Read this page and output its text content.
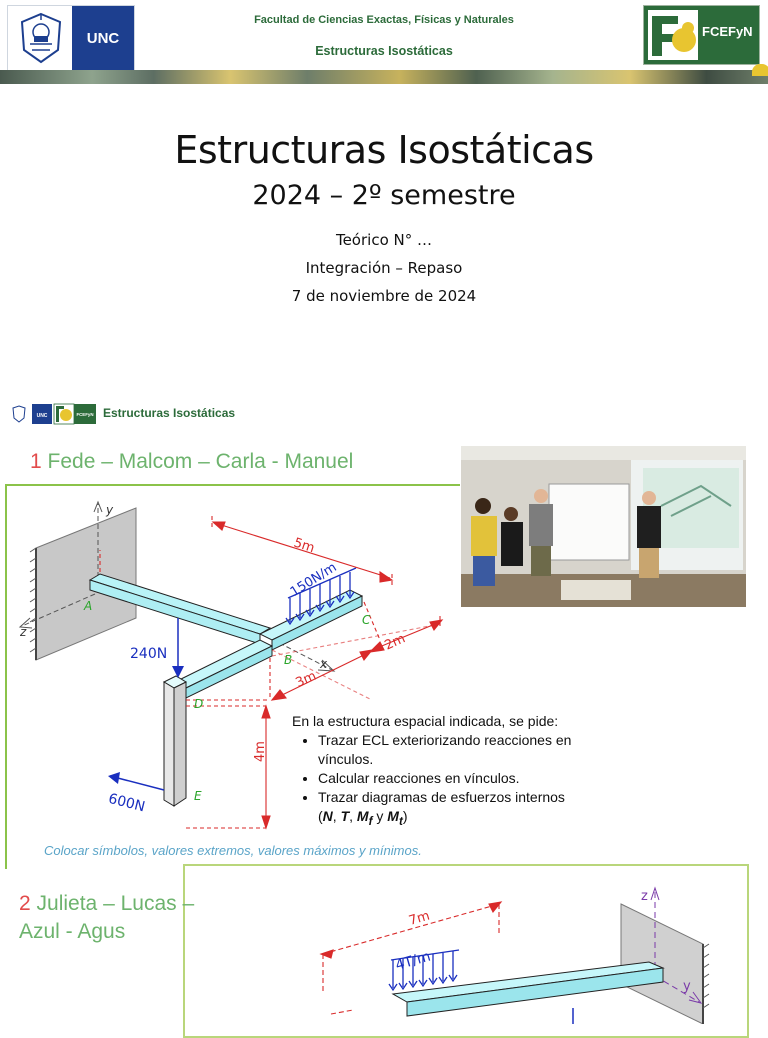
UNC
Facultad de Ciencias Exactas, Físicas y Naturales
Estructuras Isostáticas
FCEFyN
Estructuras Isostáticas
2024 – 2º semestre
Teórico N° …
Integración – Repaso
7 de noviembre de 2024
UNC	FCEFyN Estructuras Isostáticas
1 Fede – Malcom – Carla - Manuel
y
z
x
150N/m
240N
600N
5m
2m
3m
4m
A
B
C
D
E
En la estructura espacial indicada, se pide:
• Trazar ECL exteriorizando reacciones en vínculos.
• Calcular reacciones en vínculos.
• Trazar diagramas de esfuerzos internos
(N, T, $M_f$ y $M_t$)
Colocar símbolos, valores extremos, valores máximos y mínimos.
z
y
7m
4T/m
2 Julieta – Lucas – Azul - Agus
